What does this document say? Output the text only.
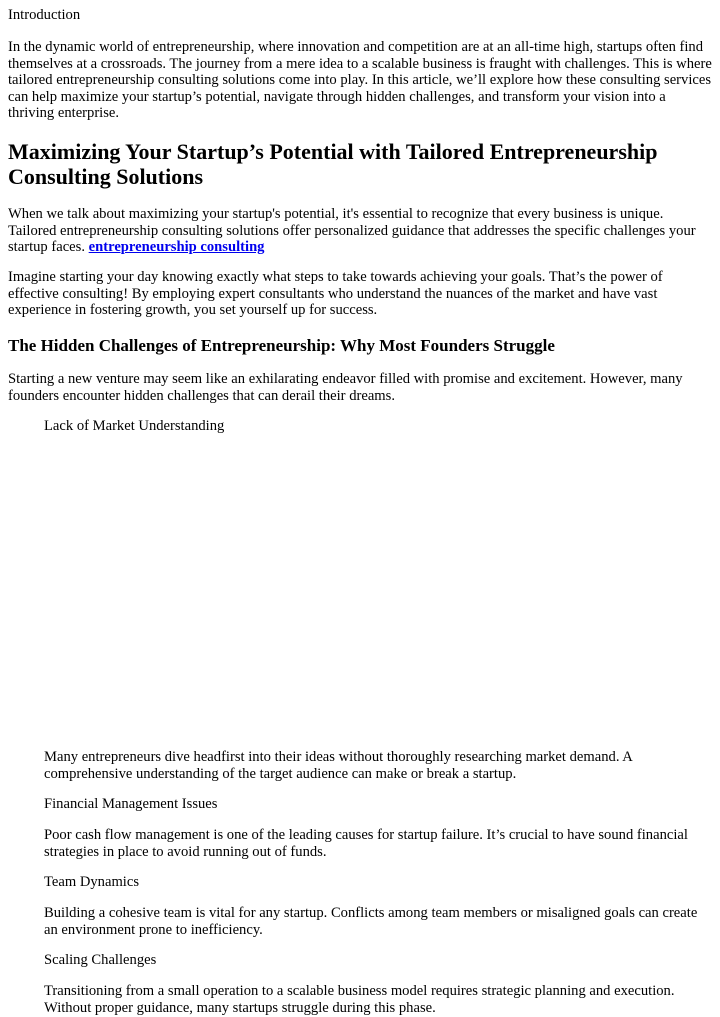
Introduction

In the dynamic world of entrepreneurship, where innovation and competition are at an all-time high, startups often find themselves at a crossroads. The journey from a mere idea to a scalable business is fraught with challenges. This is where tailored entrepreneurship consulting solutions come into play. In this article, we’ll explore how these consulting services can help maximize your startup’s potential, navigate through hidden challenges, and transform your vision into a thriving enterprise.

Maximizing Your Startup’s Potential with Tailored Entrepreneurship Consulting Solutions

When we talk about maximizing your startup's potential, it's essential to recognize that every business is unique. Tailored entrepreneurship consulting solutions offer personalized guidance that addresses the specific challenges your startup faces. entrepreneurship consulting

Imagine starting your day knowing exactly what steps to take towards achieving your goals. That’s the power of effective consulting! By employing expert consultants who understand the nuances of the market and have vast experience in fostering growth, you set yourself up for success.

The Hidden Challenges of Entrepreneurship: Why Most Founders Struggle

Starting a new venture may seem like an exhilarating endeavor filled with promise and excitement. However, many founders encounter hidden challenges that can derail their dreams.

Lack of Market Understanding

Many entrepreneurs dive headfirst into their ideas without thoroughly researching market demand. A comprehensive understanding of the target audience can make or break a startup.

Financial Management Issues

Poor cash flow management is one of the leading causes for startup failure. It’s crucial to have sound financial strategies in place to avoid running out of funds.

Team Dynamics

Building a cohesive team is vital for any startup. Conflicts among team members or misaligned goals can create an environment prone to inefficiency.

Scaling Challenges

Transitioning from a small operation to a scalable business model requires strategic planning and execution. Without proper guidance, many startups struggle during this phase.
